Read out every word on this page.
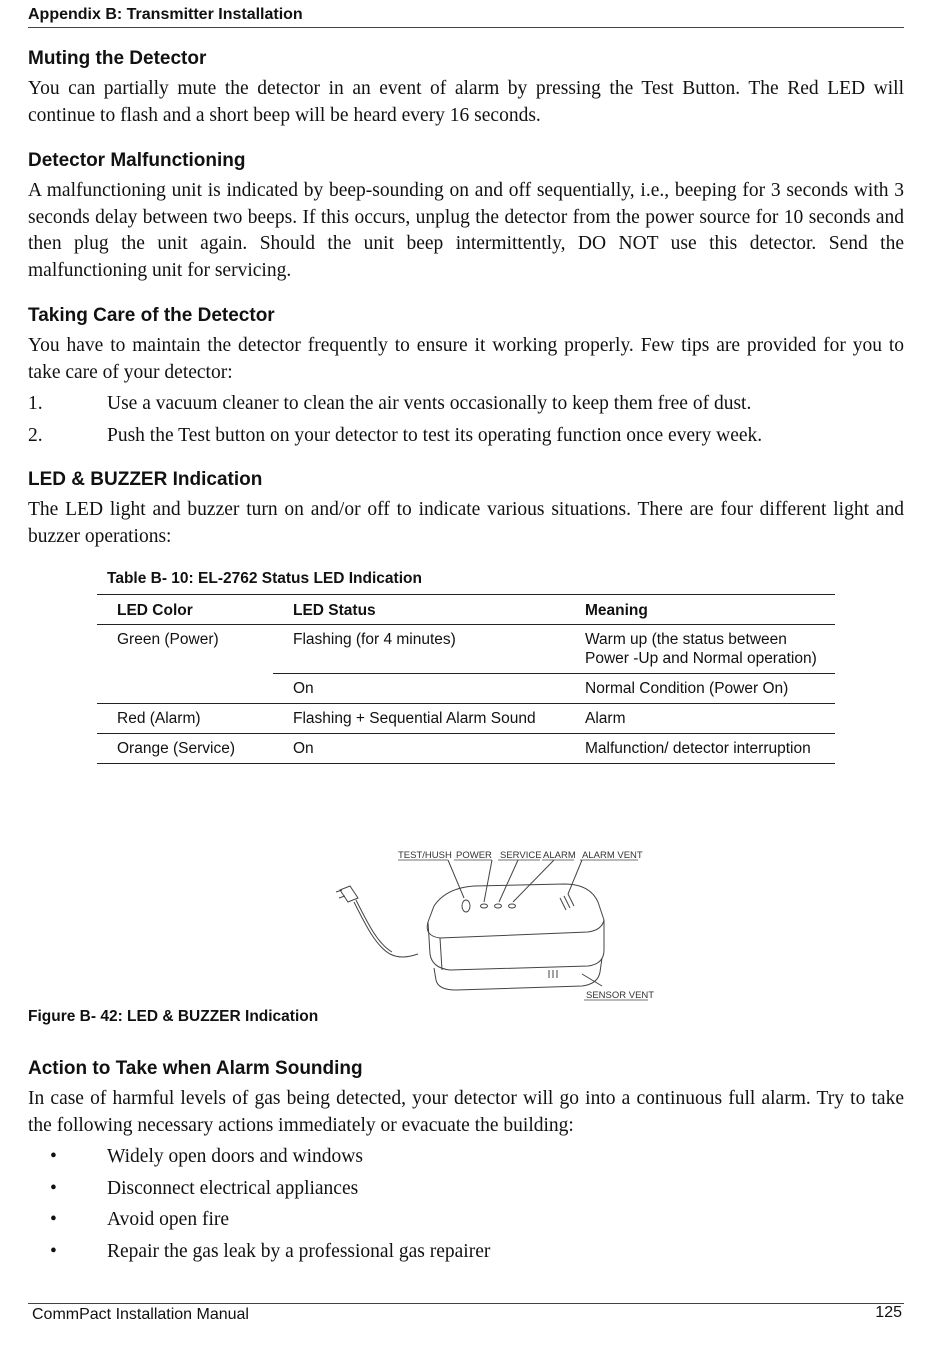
Appendix B: Transmitter Installation
Muting the Detector

You can partially mute the detector in an event of alarm by pressing the Test Button. The Red LED will continue to flash and a short beep will be heard every 16 seconds.

Detector Malfunctioning

A malfunctioning unit is indicated by beep-sounding on and off sequentially, i.e., beeping for 3 seconds with 3 seconds delay between two beeps. If this occurs, unplug the detector from the power source for 10 seconds and then plug the unit again. Should the unit beep intermittently, DO NOT use this detector. Send the malfunctioning unit for servicing.

Taking Care of the Detector

You have to maintain the detector frequently to ensure it working properly. Few tips are provided for you to take care of your detector:

1.	Use a vacuum cleaner to clean the air vents occasionally to keep them free of dust.
2.	Push the Test button on your detector to test its operating function once every week.
LED & BUZZER Indication

The LED light and buzzer turn on and/or off to indicate various situations. There are four different light and buzzer operations:

Table B- 10: EL-2762 Status LED Indication
LED Color	LED Status	Meaning
Green (Power)	Flashing (for 4 minutes)	Warm up (the status between Power -Up and Normal operation)
	On	Normal Condition (Power On)
Red (Alarm)	Flashing + Sequential Alarm Sound	Alarm
Orange (Service)	On	Malfunction/ detector interruption
TEST/HUSH POWER SERVICE ALARM ALARM VENT
SENSOR VENT
Figure B- 42: LED & BUZZER Indication
Action to Take when Alarm Sounding

In case of harmful levels of gas being detected, your detector will go into a continuous full alarm. Try to take the following necessary actions immediately or evacuate the building:

•	Widely open doors and windows
•	Disconnect electrical appliances
•	Avoid open fire
•	Repair the gas leak by a professional gas repairer
CommPact Installation Manual	125
